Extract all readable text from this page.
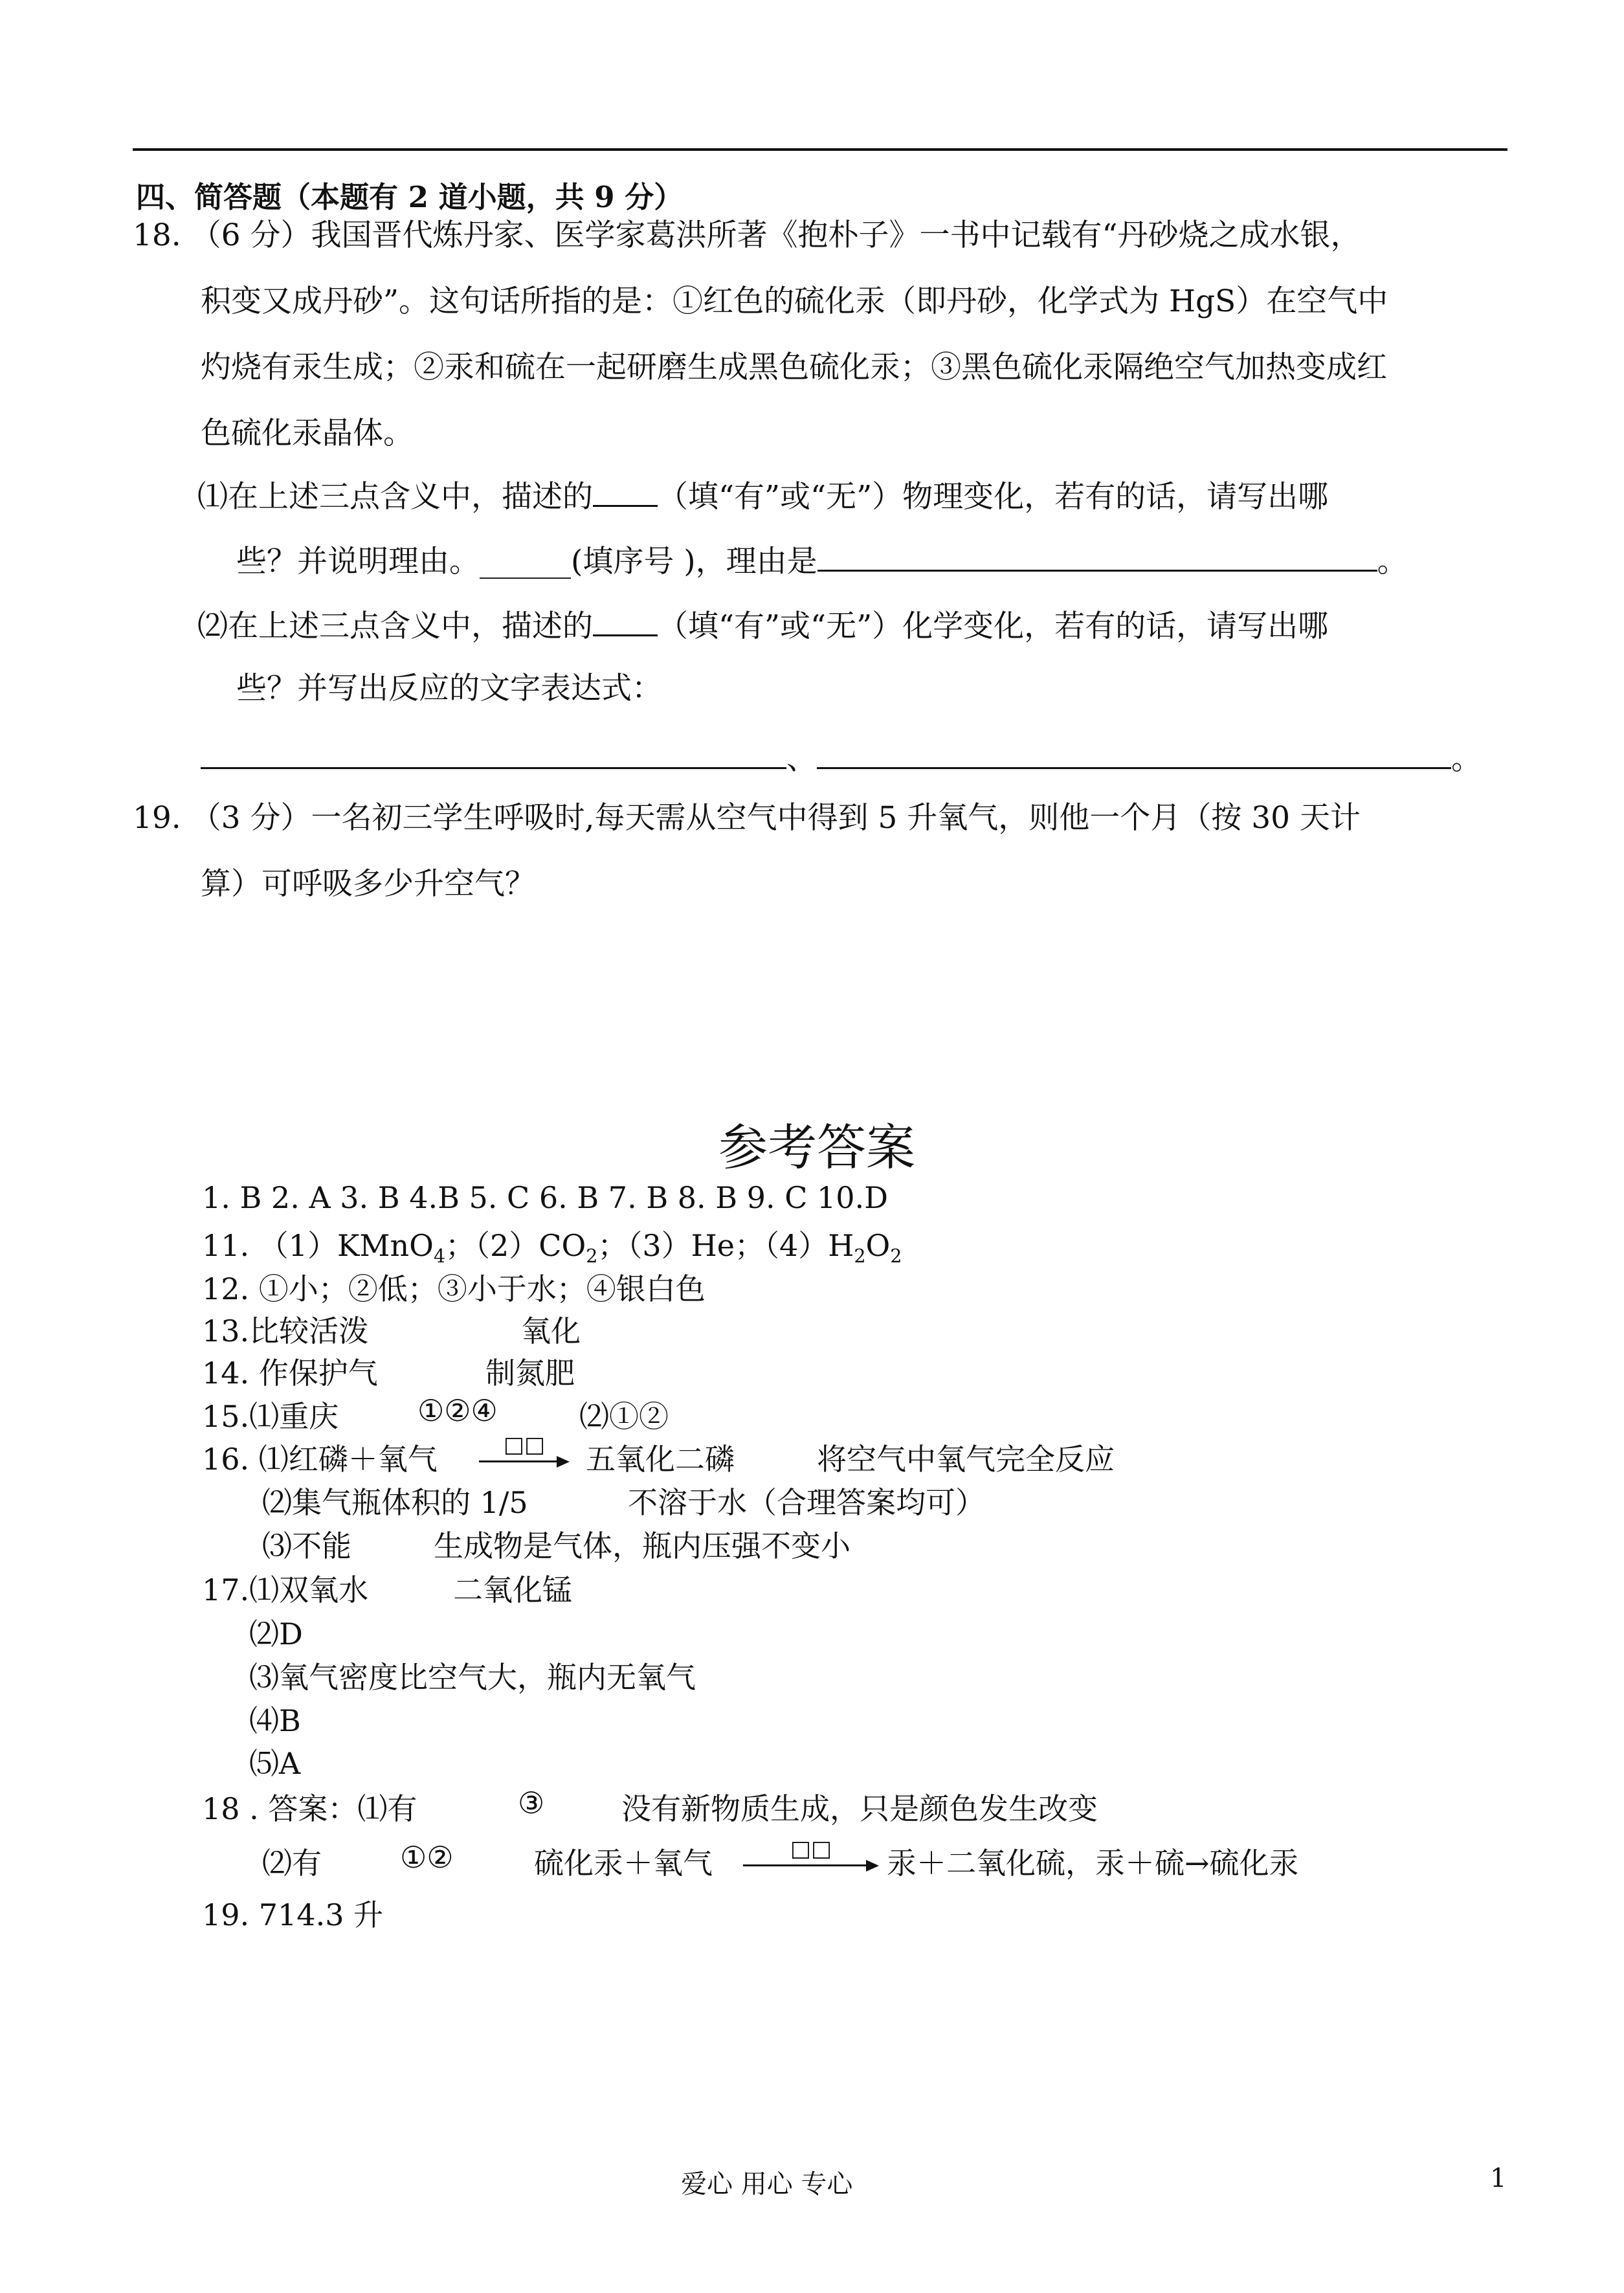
四、简答题（本题有 2 道小题，共 9 分）
18. （6 分）我国晋代炼丹家、医学家葛洪所著《抱朴子》一书中记载有“丹砂烧之成水银，
积变又成丹砂”。这句话所指的是：①红色的硫化汞（即丹砂，化学式为 HgS）在空气中
灼烧有汞生成；②汞和硫在一起研磨生成黑色硫化汞；③黑色硫化汞隔绝空气加热变成红
色硫化汞晶体。
⑴在上述三点含义中，描述的 （填“有”或“无”）物理变化，若有的话，请写出哪
些？并说明理由。______(填序号 )，理由是	。
⑵在上述三点含义中，描述的 （填“有”或“无”）化学变化，若有的话，请写出哪
些？并写出反应的文字表达式：
、	。
19. （3 分）一名初三学生呼吸时,每天需从空气中得到 5 升氧气，则他一个月（按 30 天计
算）可呼吸多少升空气？
参考答案
1. B 2. A 3. B 4.B 5. C 6. B 7. B 8. B 9. C 10.D
11. （1）KMnO$_4$；$(2)CO_2$；（3）He；$(4)H_2O_2$
12. ①小；②低；③小于水；④银白色
13.比较活泼	氧化
14. 作保护气	制氮肥
15.⑴重庆	①②④	⑵①②
16. ⑴红磷＋氧气	□□	五氧化二磷	将空气中氧气完全反应
⑵集气瓶体积的 1/5	不溶于水（合理答案均可）
⑶不能	生成物是气体，瓶内压强不变小
17.⑴双氧水	二氧化锰
⑵D
⑶氧气密度比空气大，瓶内无氧气
⑷B
⑸A
18 . 答案：⑴有	③	没有新物质生成，只是颜色发生改变
⑵有	①②	硫化汞＋氧气	□□	汞＋二氧化硫，汞＋硫→硫化汞
19. 714.3 升
爱心 用心 专心	1
